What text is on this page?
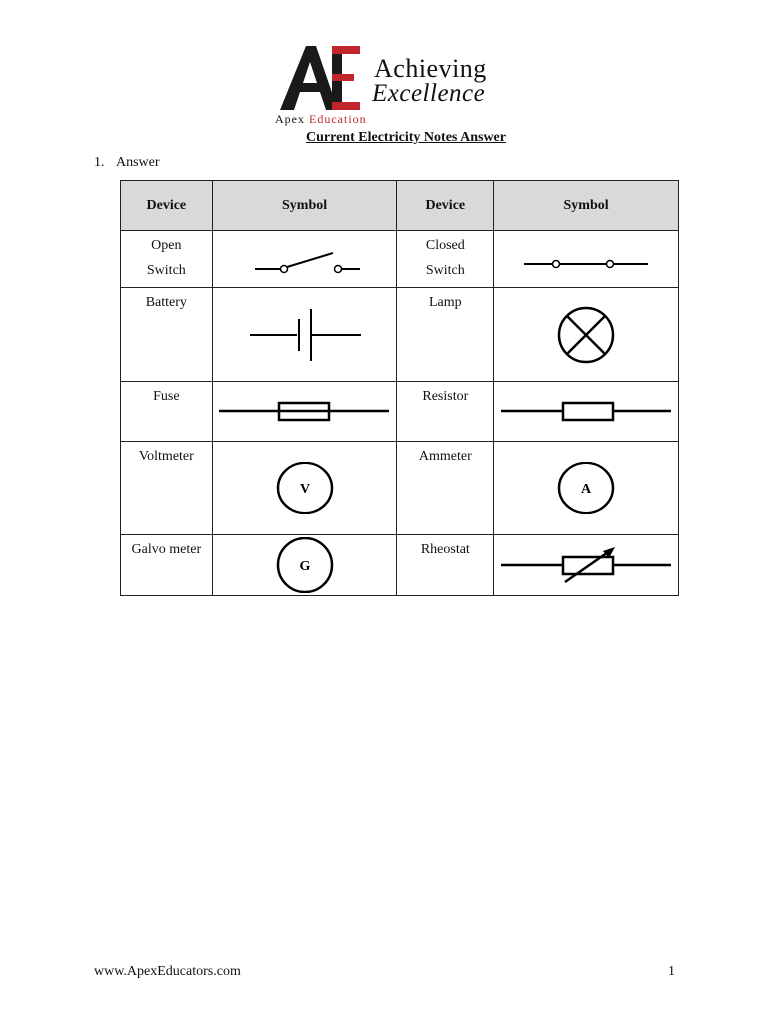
Achieving
Excellence
Apex Education
Current Electricity Notes Answer
1. Answer
Device	Symbol	Device	Symbol
Open Switch		Closed Switch	

Battery		Lamp	

Fuse		Resistor	

Voltmeter	V	Ammeter	A

Galvo meter	G	Rheostat	
www.ApexEducators.com	1
